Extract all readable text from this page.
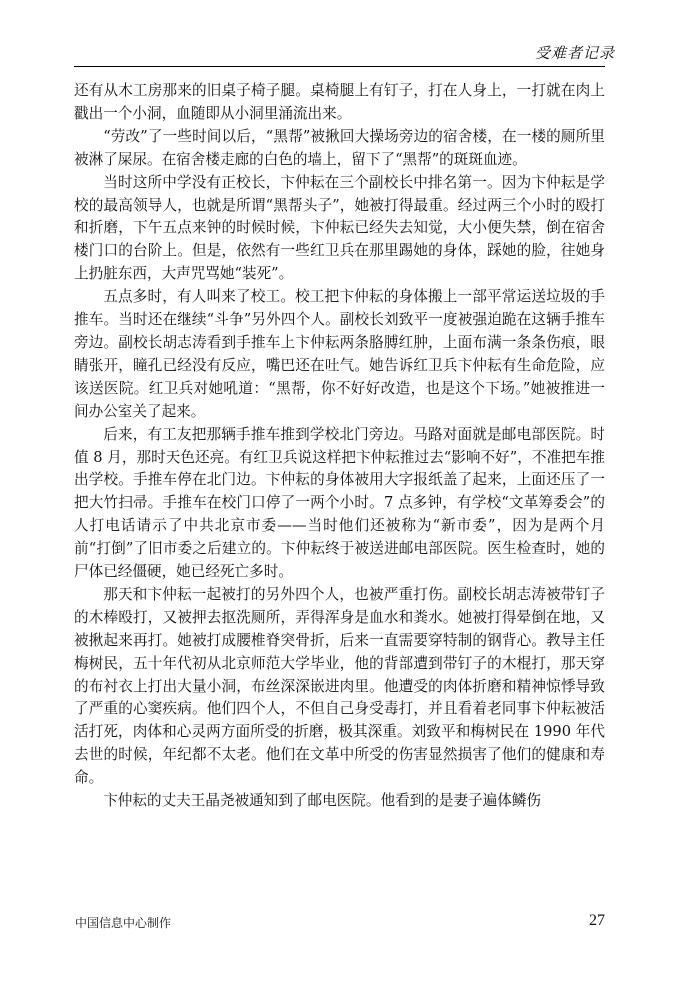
受难者记录

还有从木工房那来的旧桌子椅子腿。桌椅腿上有钉子，打在人身上，一打就在肉上戳出一个小洞，血随即从小洞里涌流出来。

“劳改”了一些时间以后，“黑帮”被揪回大操场旁边的宿舍楼，在一楼的厕所里被淋了屎尿。在宿舍楼走廊的白色的墙上，留下了“黑帮”的斑斑血迹。

当时这所中学没有正校长，卞仲耘在三个副校长中排名第一。因为卞仲耘是学校的最高领导人，也就是所谓“黑帮头子”，她被打得最重。经过两三个小时的殴打和折磨，下午五点来钟的时候时候，卞仲耘已经失去知觉，大小便失禁，倒在宿舍楼门口的台阶上。但是，依然有一些红卫兵在那里踢她的身体，踩她的脸，往她身上扔脏东西，大声咒骂她“装死”。

五点多时，有人叫来了校工。校工把卞仲耘的身体搬上一部平常运送垃圾的手推车。当时还在继续“斗争”另外四个人。副校长刘致平一度被强迫跪在这辆手推车旁边。副校长胡志涛看到手推车上卞仲耘两条胳膊红肿，上面布满一条条伤痕，眼睛张开，瞳孔已经没有反应，嘴巴还在吐气。她告诉红卫兵卞仲耘有生命危险，应该送医院。红卫兵对她吼道：“黑帮，你不好好改造，也是这个下场。”她被推进一间办公室关了起来。

后来，有工友把那辆手推车推到学校北门旁边。马路对面就是邮电部医院。时值 8 月，那时天色还亮。有红卫兵说这样把卞仲耘推过去“影响不好”，不准把车推出学校。手推车停在北门边。卞仲耘的身体被用大字报纸盖了起来，上面还压了一把大竹扫帚。手推车在校门口停了一两个小时。7 点多钟，有学校“文革筹委会”的人打电话请示了中共北京市委——当时他们还被称为“新市委”，因为是两个月前“打倒”了旧市委之后建立的。卞仲耘终于被送进邮电部医院。医生检查时，她的尸体已经僵硬，她已经死亡多时。

那天和卞仲耘一起被打的另外四个人，也被严重打伤。副校长胡志涛被带钉子的木棒殴打，又被押去抠洗厕所，弄得浑身是血水和粪水。她被打得晕倒在地，又被揪起来再打。她被打成腰椎脊突骨折，后来一直需要穿特制的钢背心。教导主任梅树民，五十年代初从北京师范大学毕业，他的背部遭到带钉子的木棍打，那天穿的布衬衣上打出大量小洞，布丝深深嵌进肉里。他遭受的肉体折磨和精神惊悸导致了严重的心窦疾病。他们四个人，不但自己身受毒打，并且看着老同事卞仲耘被活活打死，肉体和心灵两方面所受的折磨，极其深重。刘致平和梅树民在 1990 年代去世的时候，年纪都不太老。他们在文革中所受的伤害显然损害了他们的健康和寿命。

卞仲耘的丈夫王晶尧被通知到了邮电医院。他看到的是妻子遍体鳞伤

中国信息中心制作	27
